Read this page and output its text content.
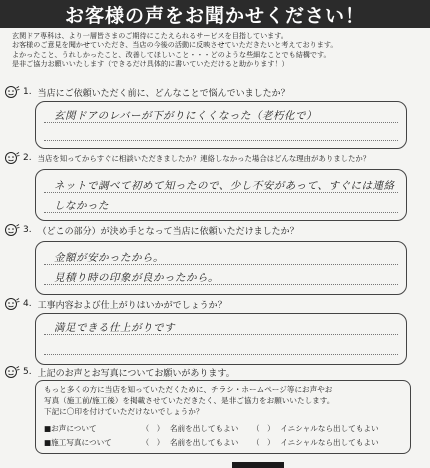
お客様の声をお聞かせください！
玄関ドア専科は、より一層皆さまのご期待にこたえられるサービスを目指しています。
お客様のご意見を聞かせていただき、当店の今後の活動に反映させていただきたいと考えております。
よかったこと、うれしかったこと、改善してほしいこと・・・どのような些細なことでも結構です。
是非ご協力お願いいたします（できるだけ具体的に書いていただけると助かります！）
1. 当店にご依頼いただく前に、どんなことで悩んでいましたか？
玄関ドアのレバーが下がりにくくなった（老朽化で）
2. 当店を知ってからすぐに相談いただきましたか？連絡しなかった場合はどんな理由がありましたか？
ネットで調べて初めて知ったので、少し不安があって、すぐには連絡
しなかった
3. （どこの部分）が決め手となって当店に依頼いただけましたか？
金額が安かったから。
見積り時の印象が良かったから。
4. 工事内容および仕上がりはいかがでしょうか？
満足できる仕上がりです
5. 上記のお声とお写真についてお願いがあります。
もっと多くの方に当店を知っていただくために、チラシ・ホームページ等にお声やお
写真（施工前/施工後）を掲載させていただきたく、是非ご協力をお願いいたします。
下記に〇印を付けていただけないでしょうか？
■お声について	（　） 名前を出してもよい	（　） イニシャルなら出してもよい
■施工写真について	（　） 名前を出してもよい	（　） イニシャルなら出してもよい
